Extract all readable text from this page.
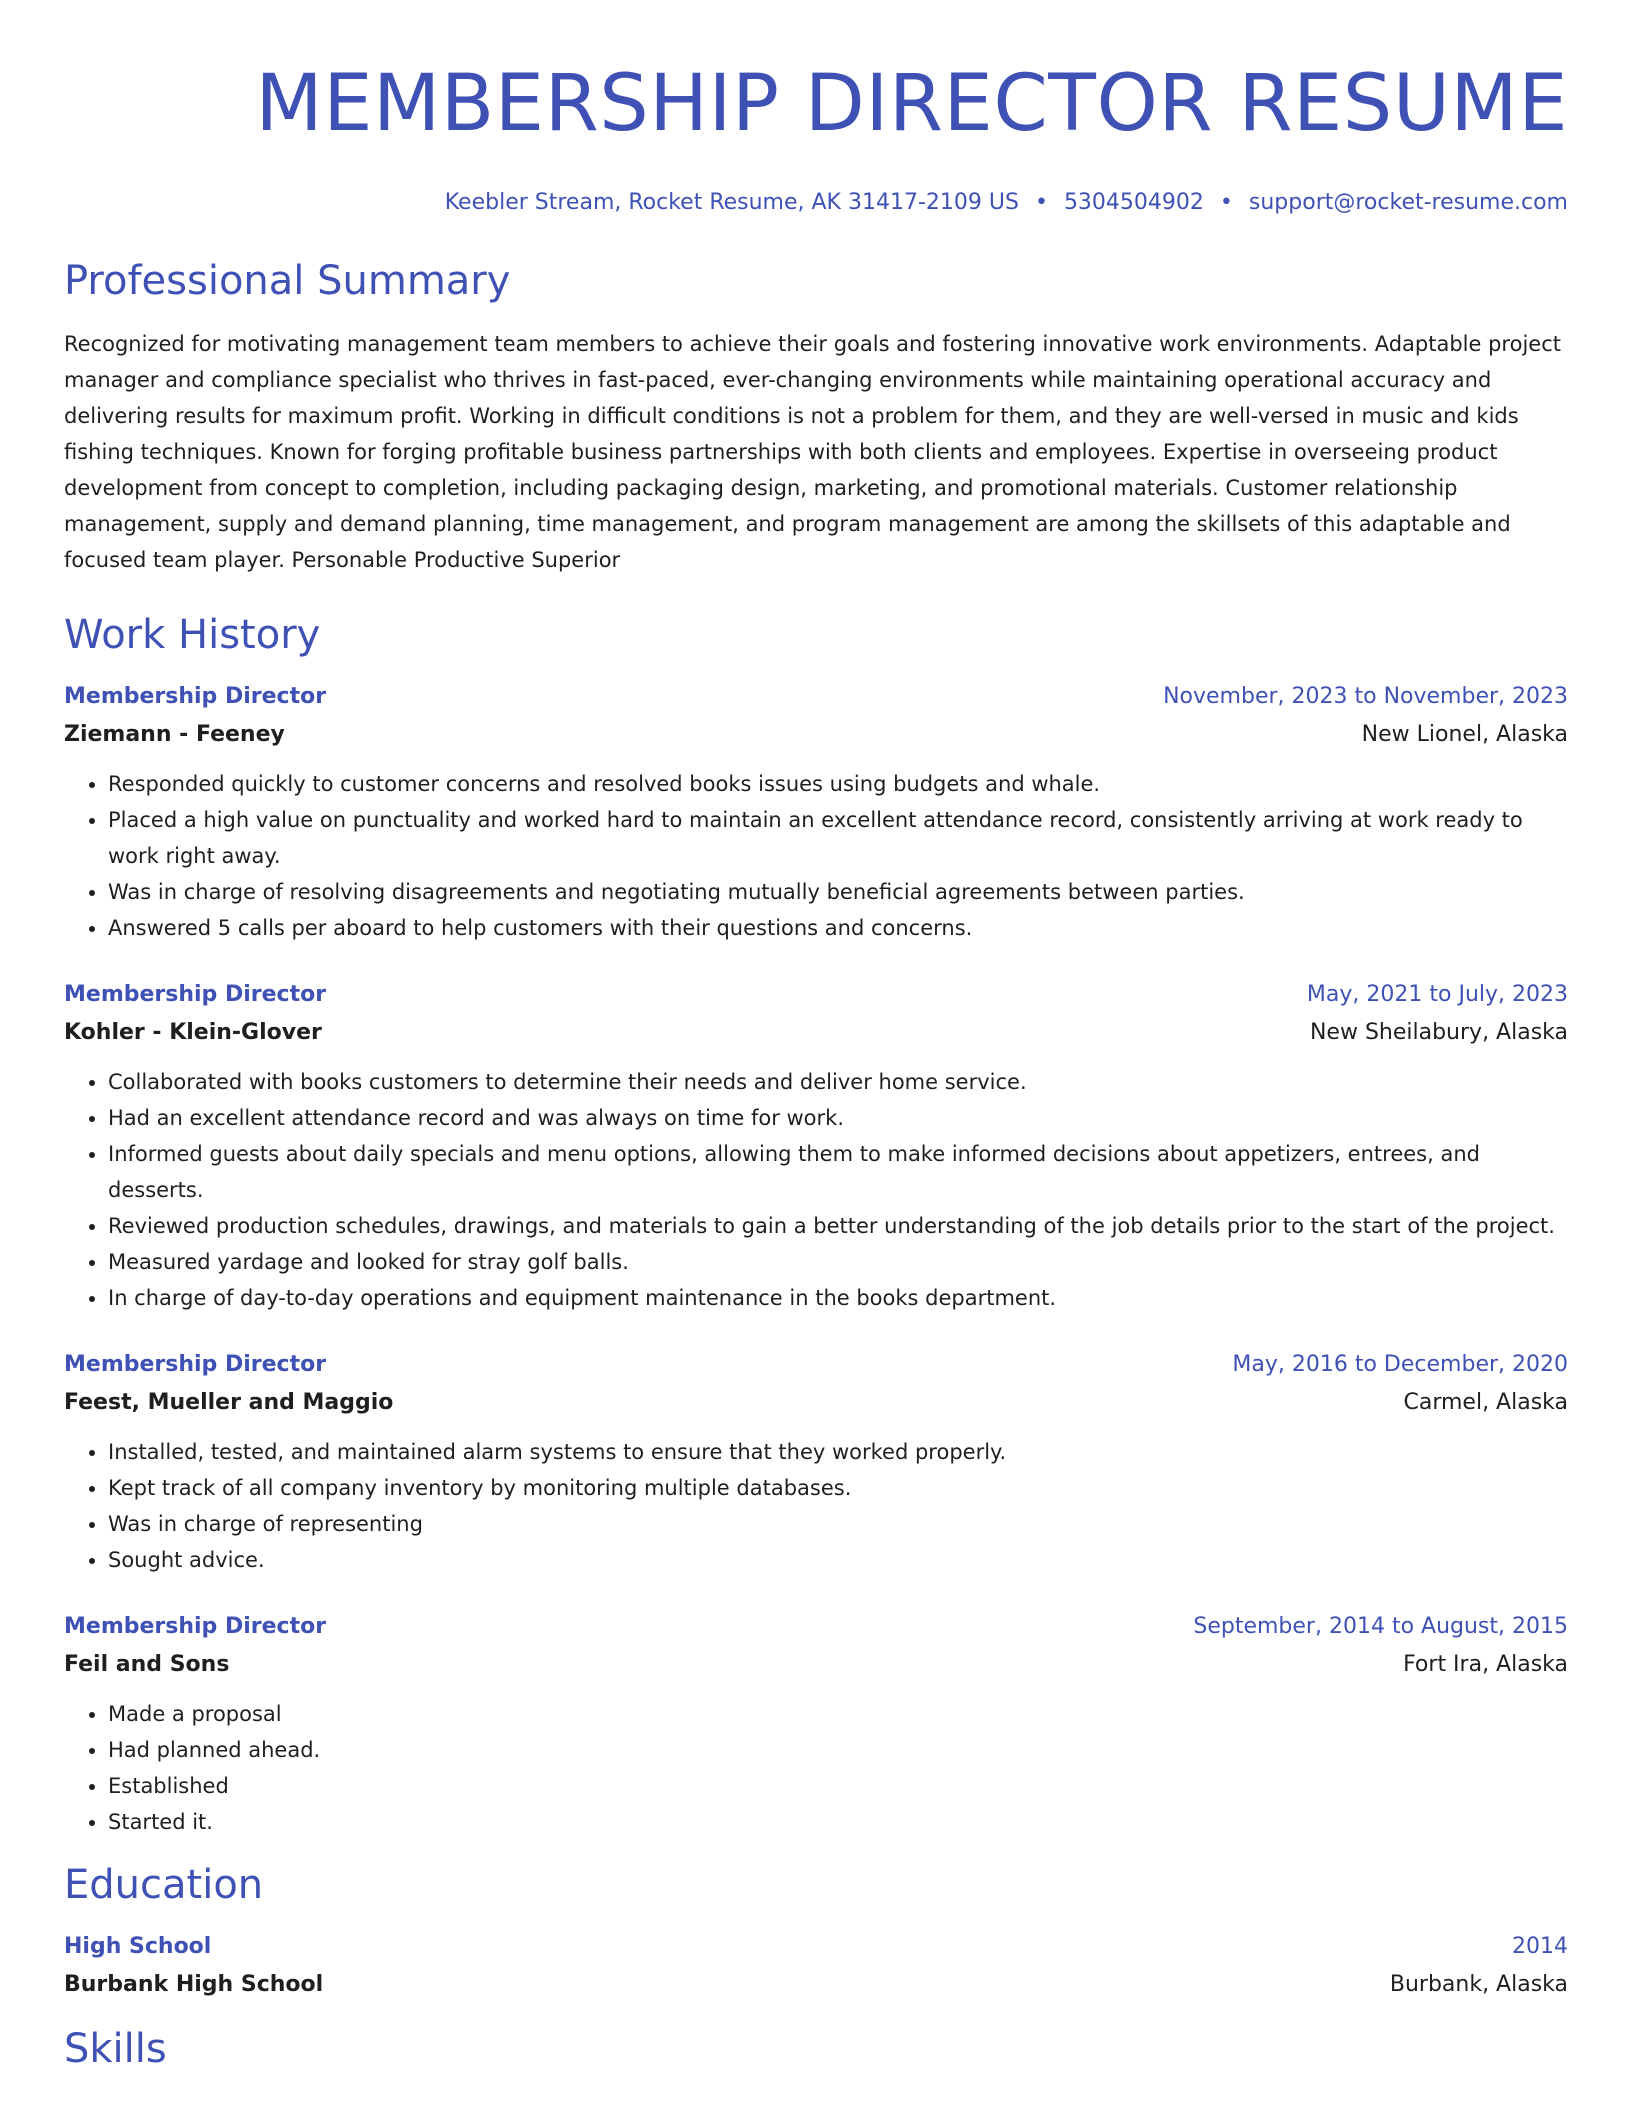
MEMBERSHIP DIRECTOR RESUME
Keebler Stream, Rocket Resume, AK 31417-2109 US • 5304504902 • support@rocket-resume.com
Professional Summary

Recognized for motivating management team members to achieve their goals and fostering innovative work environments. Adaptable project manager and compliance specialist who thrives in fast-paced, ever-changing environments while maintaining operational accuracy and delivering results for maximum profit. Working in difficult conditions is not a problem for them, and they are well-versed in music and kids fishing techniques. Known for forging profitable business partnerships with both clients and employees. Expertise in overseeing product development from concept to completion, including packaging design, marketing, and promotional materials. Customer relationship management, supply and demand planning, time management, and program management are among the skillsets of this adaptable and focused team player. Personable Productive Superior

Work History
Membership Director	November, 2023 to November, 2023
Ziemann - Feeney	New Lionel, Alaska
• Responded quickly to customer concerns and resolved books issues using budgets and whale.
• Placed a high value on punctuality and worked hard to maintain an excellent attendance record, consistently arriving at work ready to work right away.
• Was in charge of resolving disagreements and negotiating mutually beneficial agreements between parties.
• Answered 5 calls per aboard to help customers with their questions and concerns.
Membership Director	May, 2021 to July, 2023
Kohler - Klein-Glover	New Sheilabury, Alaska
• Collaborated with books customers to determine their needs and deliver home service.
• Had an excellent attendance record and was always on time for work.
• Informed guests about daily specials and menu options, allowing them to make informed decisions about appetizers, entrees, and desserts.
• Reviewed production schedules, drawings, and materials to gain a better understanding of the job details prior to the start of the project.
• Measured yardage and looked for stray golf balls.
• In charge of day-to-day operations and equipment maintenance in the books department.
Membership Director	May, 2016 to December, 2020
Feest, Mueller and Maggio	Carmel, Alaska
• Installed, tested, and maintained alarm systems to ensure that they worked properly.
• Kept track of all company inventory by monitoring multiple databases.
• Was in charge of representing
• Sought advice.
Membership Director	September, 2014 to August, 2015
Feil and Sons	Fort Ira, Alaska
• Made a proposal
• Had planned ahead.
• Established
• Started it.
Education
High School	2014
Burbank High School	Burbank, Alaska
Skills
